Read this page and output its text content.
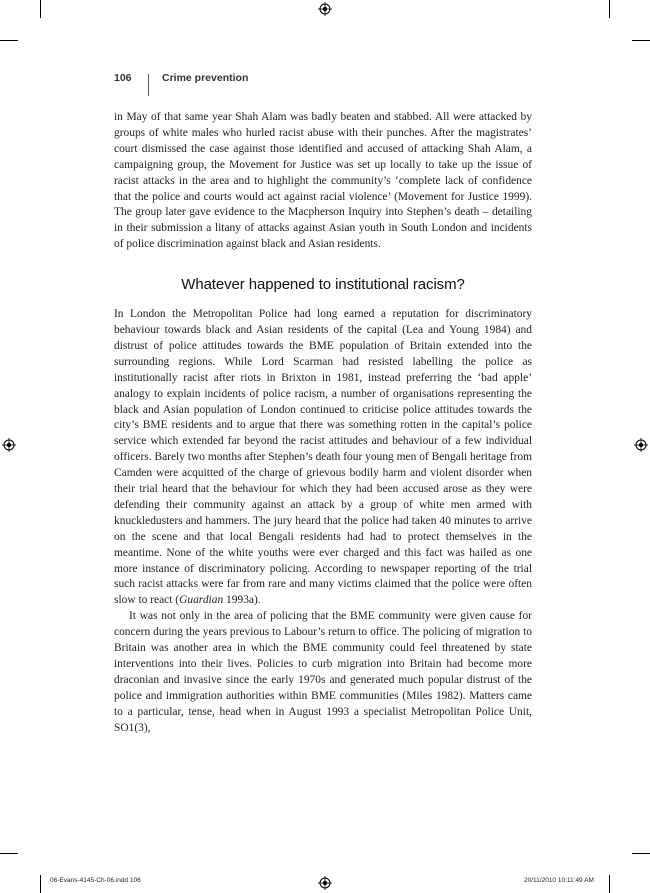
106	Crime prevention

in May of that same year Shah Alam was badly beaten and stabbed. All were attacked by groups of white males who hurled racist abuse with their punches. After the magistrates’ court dismissed the case against those identified and accused of attacking Shah Alam, a campaigning group, the Movement for Justice was set up locally to take up the issue of racist attacks in the area and to highlight the community’s ‘complete lack of confidence that the police and courts would act against racial violence’ (Movement for Justice 1999). The group later gave evidence to the Macpherson Inquiry into Stephen’s death – detailing in their submission a litany of attacks against Asian youth in South London and incidents of police discrimination against black and Asian residents.

Whatever happened to institutional racism?

In London the Metropolitan Police had long earned a reputation for discriminatory behaviour towards black and Asian residents of the capital (Lea and Young 1984) and distrust of police attitudes towards the BME population of Britain extended into the surrounding regions. While Lord Scarman had resisted labelling the police as institutionally racist after riots in Brixton in 1981, instead preferring the ‘bad apple’ analogy to explain incidents of police racism, a number of organisations representing the black and Asian population of London continued to criticise police attitudes towards the city’s BME residents and to argue that there was something rotten in the capital’s police service which extended far beyond the racist attitudes and behaviour of a few individual officers. Barely two months after Stephen’s death four young men of Bengali heritage from Camden were acquitted of the charge of grievous bodily harm and violent disorder when their trial heard that the behaviour for which they had been accused arose as they were defending their community against an attack by a group of white men armed with knuckledusters and hammers. The jury heard that the police had taken 40 minutes to arrive on the scene and that local Bengali residents had had to protect themselves in the meantime. None of the white youths were ever charged and this fact was hailed as one more instance of discriminatory policing. According to newspaper reporting of the trial such racist attacks were far from rare and many victims claimed that the police were often slow to react (Guardian 1993a).

It was not only in the area of policing that the BME community were given cause for concern during the years previous to Labour’s return to office. The policing of migration to Britain was another area in which the BME community could feel threatened by state interventions into their lives. Policies to curb migration into Britain had become more draconian and invasive since the early 1970s and generated much popular distrust of the police and immigration authorities within BME communities (Miles 1982). Matters came to a particular, tense, head when in August 1993 a specialist Metropolitan Police Unit, SO1(3),

06-Evans-4145-Ch-06.indd 106	20/11/2010 10:11:49 AM
